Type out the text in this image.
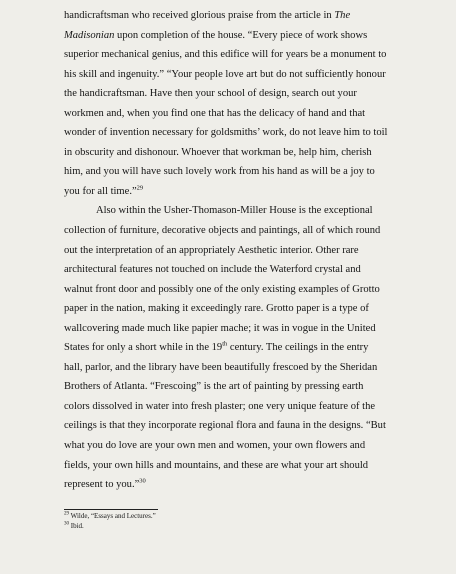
handicraftsman who received glorious praise from the article in The
Madisonian upon completion of the house. “Every piece of work shows
superior mechanical genius, and this edifice will for years be a monument to
his skill and ingenuity.” “Your people love art but do not sufficiently honour
the handicraftsman. Have then your school of design, search out your
workmen and, when you find one that has the delicacy of hand and that
wonder of invention necessary for goldsmiths’ work, do not leave him to toil
in obscurity and dishonour. Whoever that workman be, help him, cherish
him, and you will have such lovely work from his hand as will be a joy to
you for all time.”$^{29}$
Also within the Usher-Thomason-Miller House is the exceptional
collection of furniture, decorative objects and paintings, all of which round
out the interpretation of an appropriately Aesthetic interior. Other rare
architectural features not touched on include the Waterford crystal and
walnut front door and possibly one of the only existing examples of Grotto
paper in the nation, making it exceedingly rare. Grotto paper is a type of
wallcovering made much like papier mache; it was in vogue in the United
States for only a short while in the 19th century. The ceilings in the entry
hall, parlor, and the library have been beautifully frescoed by the Sheridan
Brothers of Atlanta. “Frescoing” is the art of painting by pressing earth
colors dissolved in water into fresh plaster; one very unique feature of the
ceilings is that they incorporate regional flora and fauna in the designs. “But
what you do love are your own men and women, your own flowers and
fields, your own hills and mountains, and these are what your art should
represent to you.”$^{30}$
$^{29}$ Wilde, “Essays and Lectures.”
$^{30}$ Ibid.
